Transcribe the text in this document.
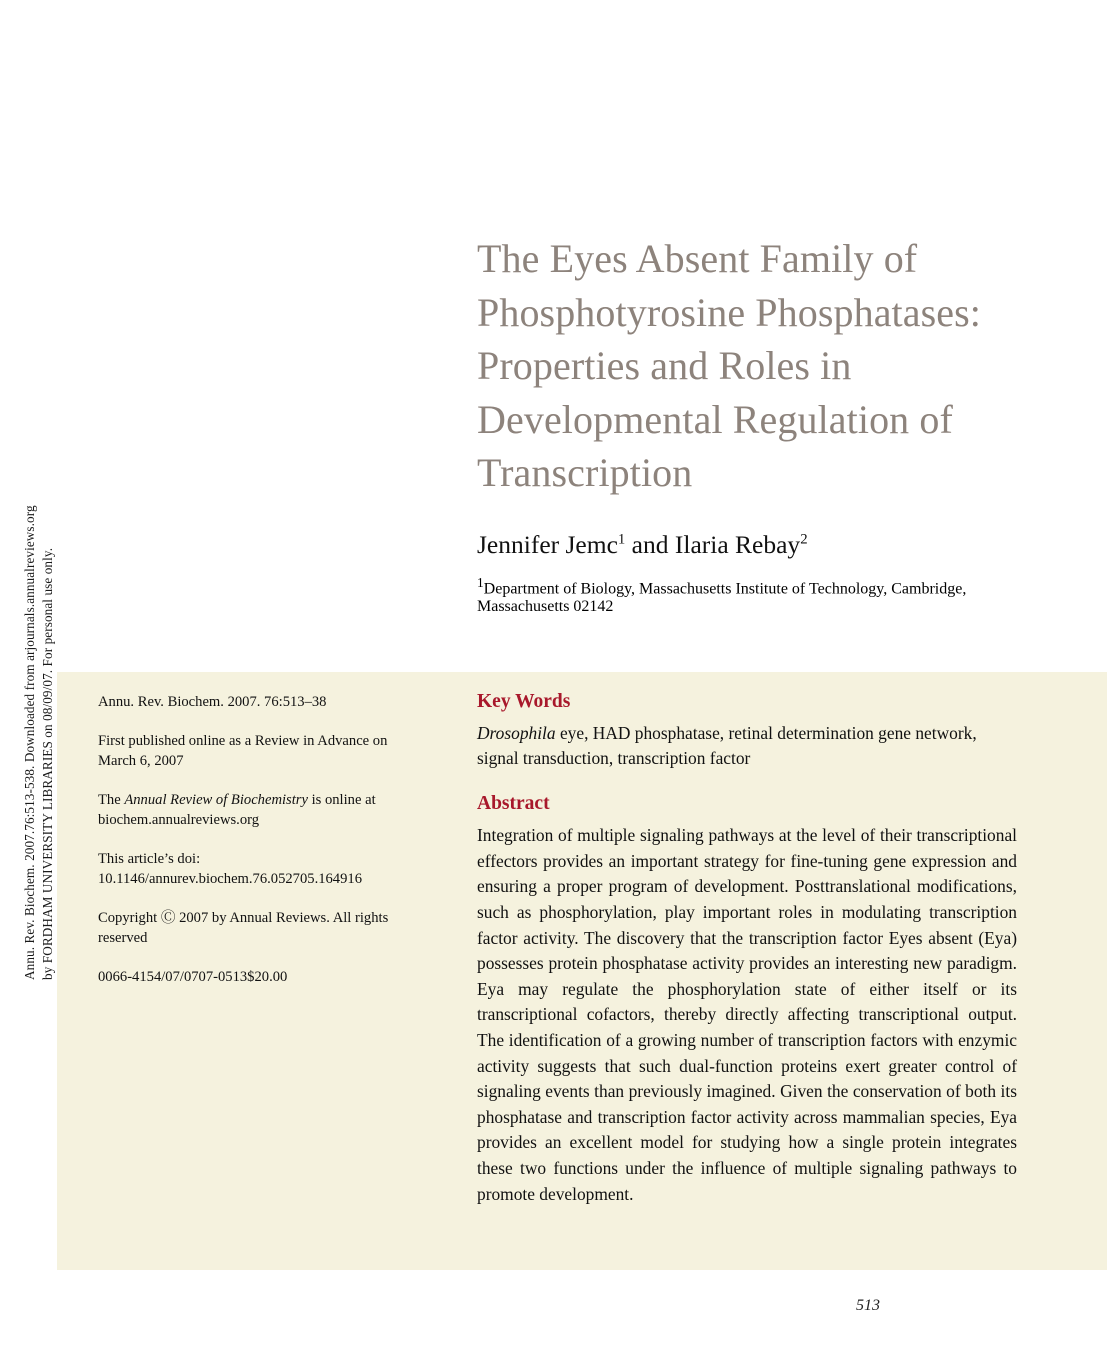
Annu. Rev. Biochem. 2007.76:513-538. Downloaded from arjournals.annualreviews.org by FORDHAM UNIVERSITY LIBRARIES on 08/09/07. For personal use only.
The Eyes Absent Family of Phosphotyrosine Phosphatases: Properties and Roles in Developmental Regulation of Transcription
Jennifer Jemc$^1$ and Ilaria Rebay$^2$
$^1$Department of Biology, Massachusetts Institute of Technology, Cambridge, Massachusetts 02142
Annu. Rev. Biochem. 2007. 76:513–38
First published online as a Review in Advance on March 6, 2007
The Annual Review of Biochemistry is online at biochem.annualreviews.org
This article’s doi:
10.1146/annurev.biochem.76.052705.164916
Copyright Ⓒ 2007 by Annual Reviews. All rights reserved
0066-4154/07/0707-0513$20.00
Key Words

Drosophila eye, HAD phosphatase, retinal determination gene network, signal transduction, transcription factor

Abstract

Integration of multiple signaling pathways at the level of their transcriptional effectors provides an important strategy for fine-tuning gene expression and ensuring a proper program of development. Posttranslational modifications, such as phosphorylation, play important roles in modulating transcription factor activity. The discovery that the transcription factor Eyes absent (Eya) possesses protein phosphatase activity provides an interesting new paradigm. Eya may regulate the phosphorylation state of either itself or its transcriptional cofactors, thereby directly affecting transcriptional output. The identification of a growing number of transcription factors with enzymic activity suggests that such dual-function proteins exert greater control of signaling events than previously imagined. Given the conservation of both its phosphatase and transcription factor activity across mammalian species, Eya provides an excellent model for studying how a single protein integrates these two functions under the influence of multiple signaling pathways to promote development.

513
